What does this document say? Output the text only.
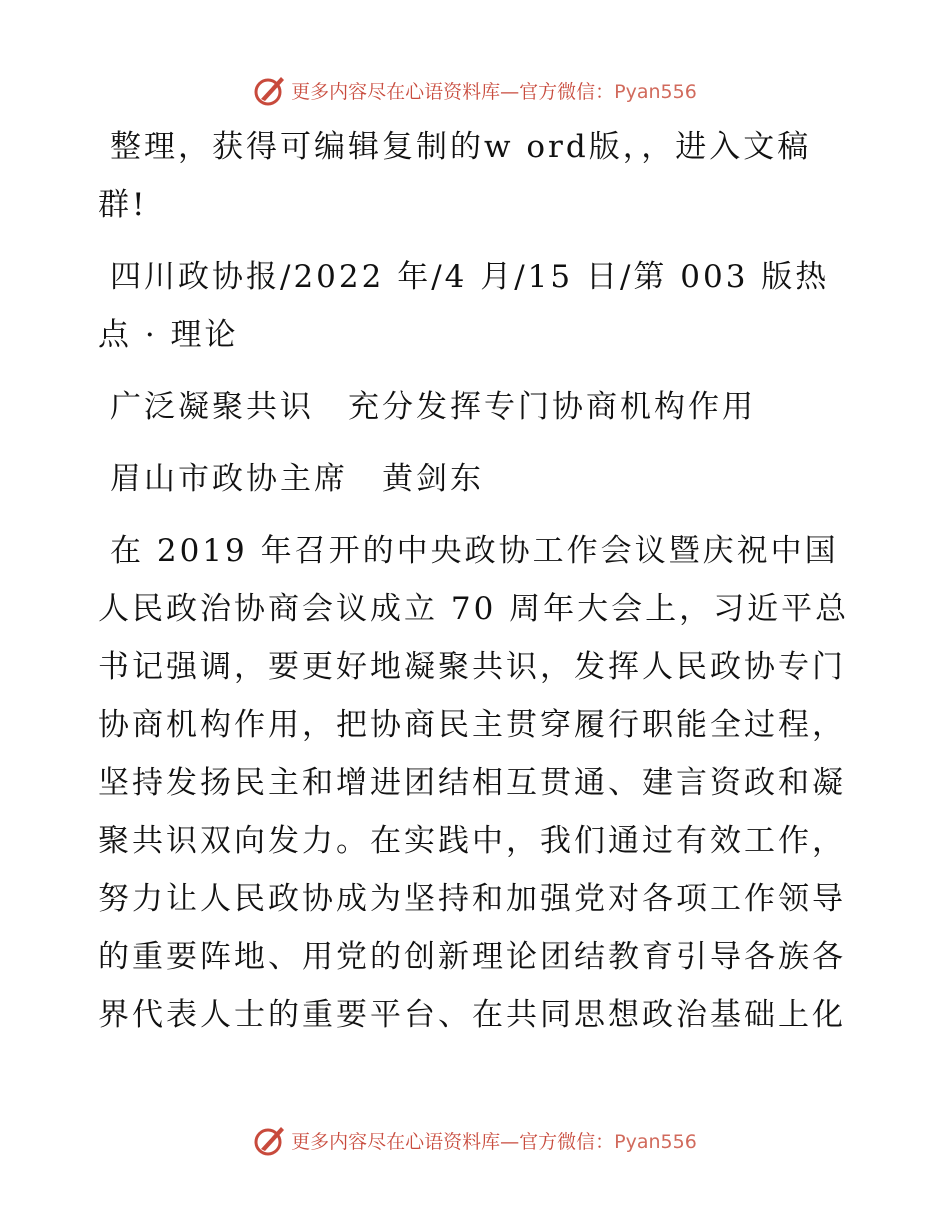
更多内容尽在心语资料库—官方微信：Pyan556

整理，获得可编辑复制的w ord版，，进入文稿群!

四川政协报/2022 年/4 月/15 日/第 003 版热点 · 理论

广泛凝聚共识　充分发挥专门协商机构作用

眉山市政协主席　黄剑东

在 2019 年召开的中央政协工作会议暨庆祝中国人民政治协商会议成立 70 周年大会上，习近平总书记强调，要更好地凝聚共识，发挥人民政协专门协商机构作用，把协商民主贯穿履行职能全过程，坚持发扬民主和增进团结相互贯通、建言资政和凝聚共识双向发力。在实践中，我们通过有效工作，努力让人民政协成为坚持和加强党对各项工作领导的重要阵地、用党的创新理论团结教育引导各族各界代表人士的重要平台、在共同思想政治基础上化

更多内容尽在心语资料库—官方微信：Pyan556
